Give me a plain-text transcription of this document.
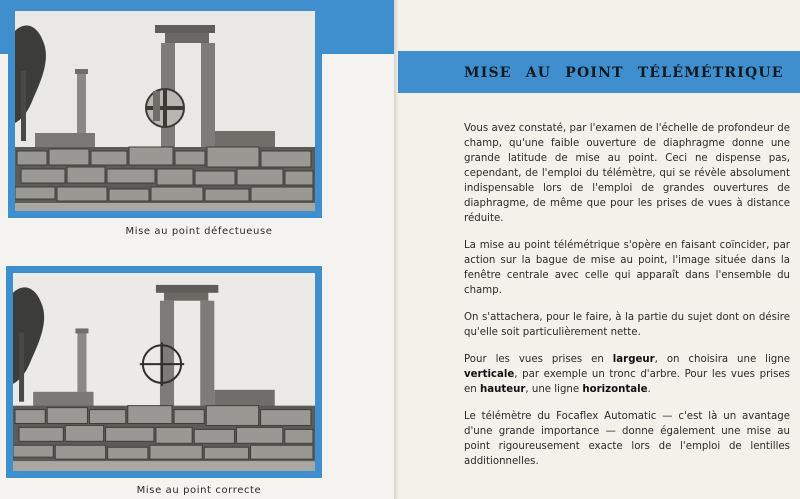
Mise au point défectueuse
Mise au point correcte
MISE AU POINT TÉLÉMÉTRIQUE

Vous avez constaté, par l'examen de l'échelle de profondeur de champ, qu'une faible ouverture de diaphragme donne une grande latitude de mise au point. Ceci ne dispense pas, cependant, de l'emploi du télémètre, qui se révèle absolument indispensable lors de l'emploi de grandes ouvertures de diaphragme, de même que pour les prises de vues à distance réduite.

La mise au point télémétrique s'opère en faisant coïncider, par action sur la bague de mise au point, l'image située dans la fenêtre centrale avec celle qui apparaît dans l'ensemble du champ.

On s'attachera, pour le faire, à la partie du sujet dont on désire qu'elle soit particulièrement nette.

Pour les vues prises en largeur, on choisira une ligne verticale, par exemple un tronc d'arbre. Pour les vues prises en hauteur, une ligne horizontale.

Le télémètre du Focaflex Automatic — c'est là un avantage d'une grande importance — donne également une mise au point rigoureusement exacte lors de l'emploi de lentilles additionnelles.
